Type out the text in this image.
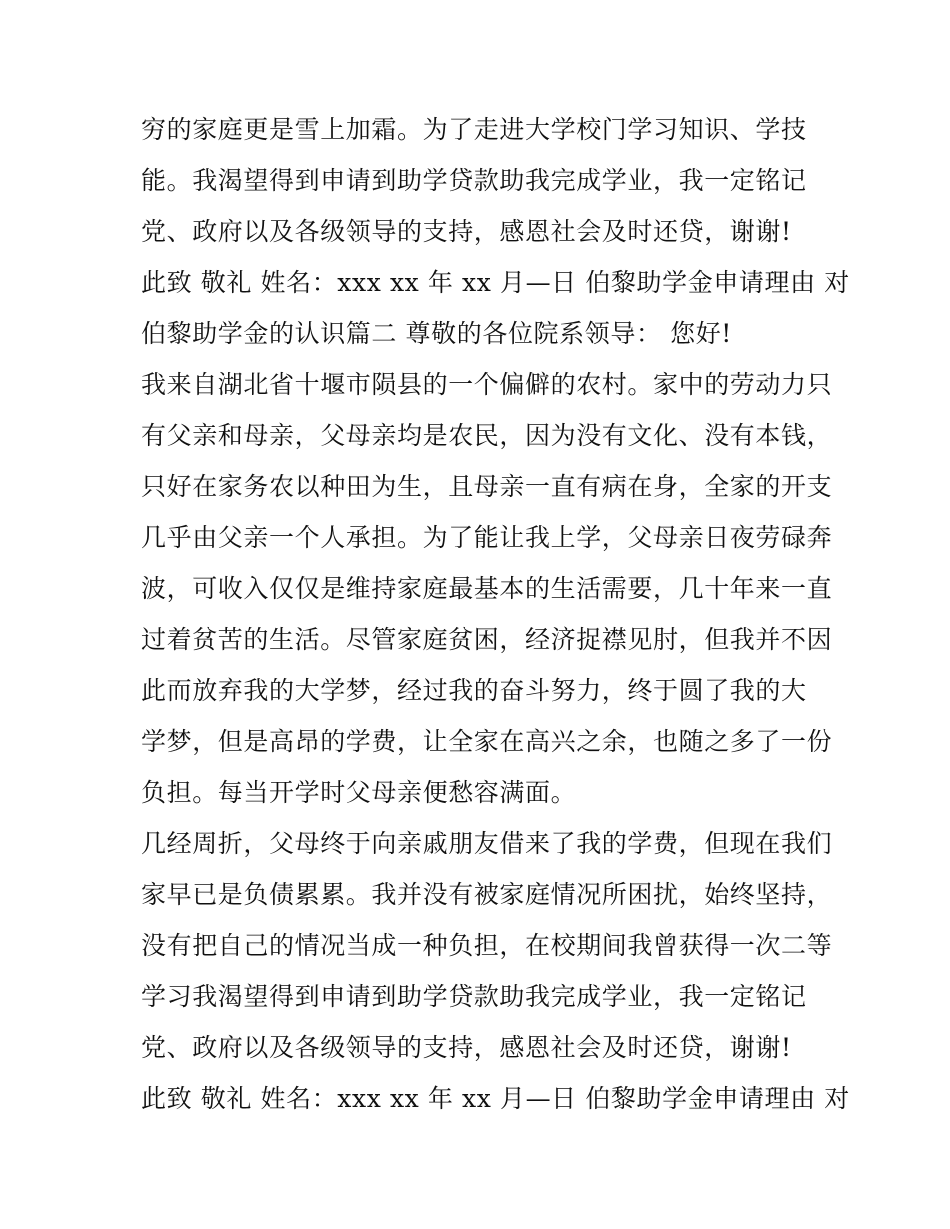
穷的家庭更是雪上加霜。为了走进大学校门学习知识、学技
能。我渴望得到申请到助学贷款助我完成学业，我一定铭记
党、政府以及各级领导的支持，感恩社会及时还贷，谢谢!
此致 敬礼 姓名：xxx xx 年 xx 月—日 伯黎助学金申请理由 对
伯黎助学金的认识篇二 尊敬的各位院系领导： 您好!
我来自湖北省十堰市陨县的一个偏僻的农村。家中的劳动力只
有父亲和母亲，父母亲均是农民，因为没有文化、没有本钱，
只好在家务农以种田为生，且母亲一直有病在身，全家的开支
几乎由父亲一个人承担。为了能让我上学，父母亲日夜劳碌奔
波，可收入仅仅是维持家庭最基本的生活需要，几十年来一直
过着贫苦的生活。尽管家庭贫困，经济捉襟见肘，但我并不因
此而放弃我的大学梦，经过我的奋斗努力，终于圆了我的大
学梦，但是高昂的学费，让全家在高兴之余，也随之多了一份
负担。每当开学时父母亲便愁容满面。
几经周折，父母终于向亲戚朋友借来了我的学费，但现在我们
家早已是负债累累。我并没有被家庭情况所困扰，始终坚持，
没有把自己的情况当成一种负担，在校期间我曾获得一次二等
学习我渴望得到申请到助学贷款助我完成学业，我一定铭记
党、政府以及各级领导的支持，感恩社会及时还贷，谢谢!
此致 敬礼 姓名：xxx xx 年 xx 月—日 伯黎助学金申请理由 对
